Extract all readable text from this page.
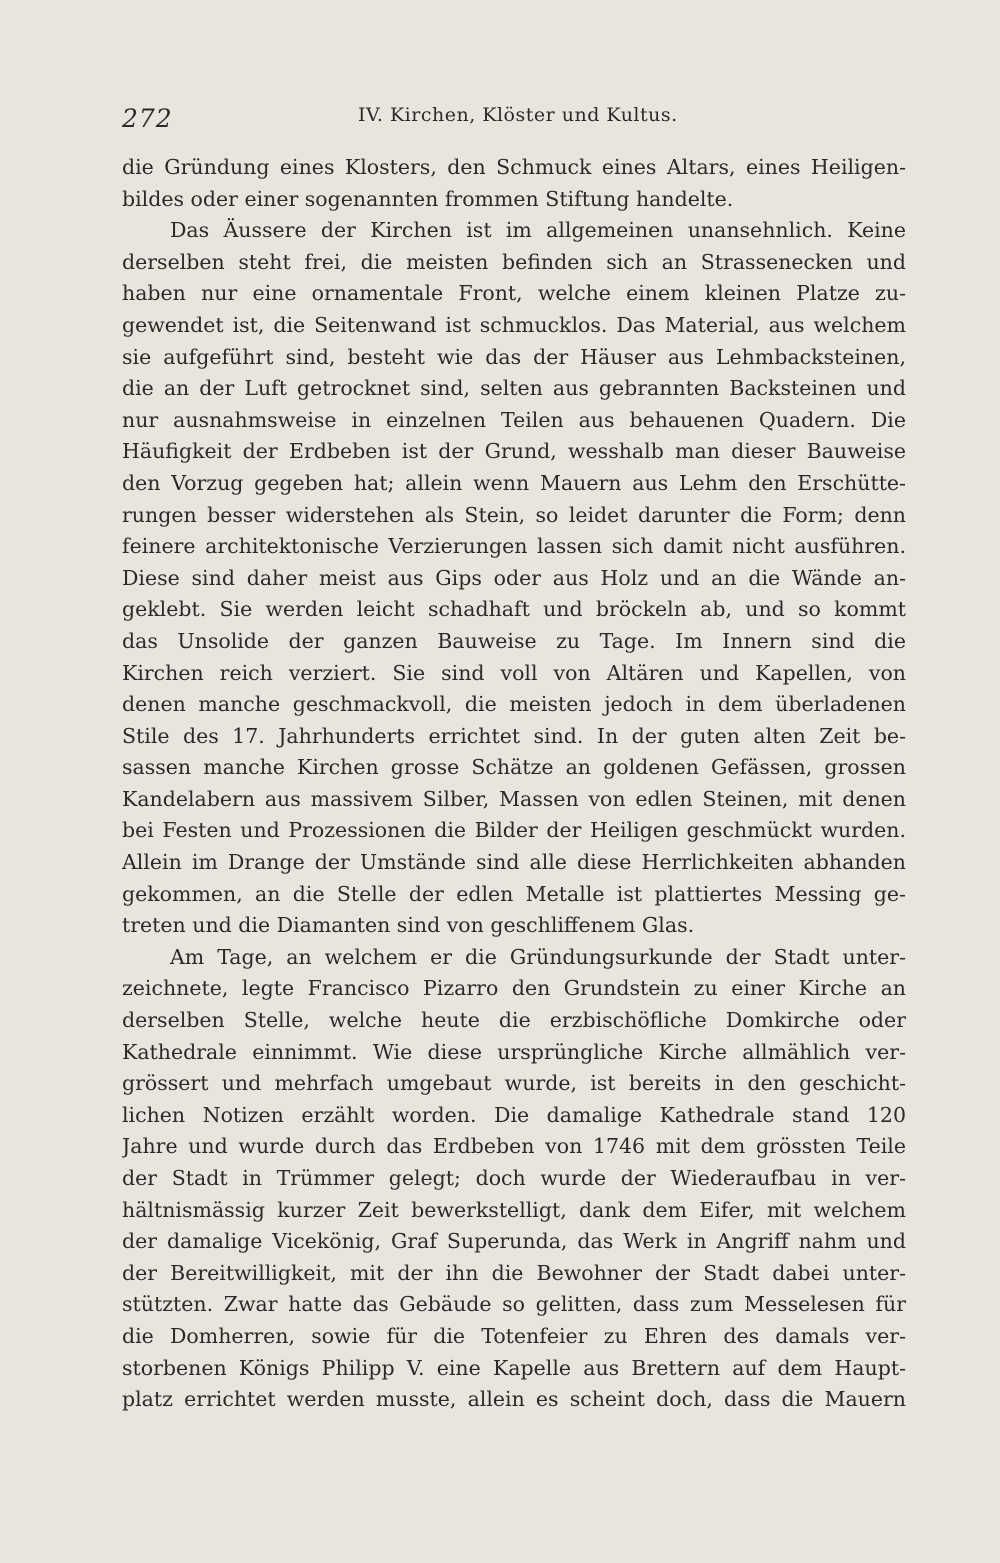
272	IV. Kirchen, Klöster und Kultus.
die Gründung eines Klosters, den Schmuck eines Altars, eines Heiligen-
bildes oder einer sogenannten frommen Stiftung handelte.
Das Äussere der Kirchen ist im allgemeinen unansehnlich. Keine
derselben steht frei, die meisten befinden sich an Strassenecken und
haben nur eine ornamentale Front, welche einem kleinen Platze zu-
gewendet ist, die Seitenwand ist schmucklos. Das Material, aus welchem
sie aufgeführt sind, besteht wie das der Häuser aus Lehmbacksteinen,
die an der Luft getrocknet sind, selten aus gebrannten Backsteinen und
nur ausnahmsweise in einzelnen Teilen aus behauenen Quadern. Die
Häufigkeit der Erdbeben ist der Grund, wesshalb man dieser Bauweise
den Vorzug gegeben hat; allein wenn Mauern aus Lehm den Erschütte-
rungen besser widerstehen als Stein, so leidet darunter die Form; denn
feinere architektonische Verzierungen lassen sich damit nicht ausführen.
Diese sind daher meist aus Gips oder aus Holz und an die Wände an-
geklebt. Sie werden leicht schadhaft und bröckeln ab, und so kommt
das Unsolide der ganzen Bauweise zu Tage. Im Innern sind die
Kirchen reich verziert. Sie sind voll von Altären und Kapellen, von
denen manche geschmackvoll, die meisten jedoch in dem überladenen
Stile des 17. Jahrhunderts errichtet sind. In der guten alten Zeit be-
sassen manche Kirchen grosse Schätze an goldenen Gefässen, grossen
Kandelabern aus massivem Silber, Massen von edlen Steinen, mit denen
bei Festen und Prozessionen die Bilder der Heiligen geschmückt wurden.
Allein im Drange der Umstände sind alle diese Herrlichkeiten abhanden
gekommen, an die Stelle der edlen Metalle ist plattiertes Messing ge-
treten und die Diamanten sind von geschliffenem Glas.
Am Tage, an welchem er die Gründungsurkunde der Stadt unter-
zeichnete, legte Francisco Pizarro den Grundstein zu einer Kirche an
derselben Stelle, welche heute die erzbischöfliche Domkirche oder
Kathedrale einnimmt. Wie diese ursprüngliche Kirche allmählich ver-
grössert und mehrfach umgebaut wurde, ist bereits in den geschicht-
lichen Notizen erzählt worden. Die damalige Kathedrale stand 120
Jahre und wurde durch das Erdbeben von 1746 mit dem grössten Teile
der Stadt in Trümmer gelegt; doch wurde der Wiederaufbau in ver-
hältnismässig kurzer Zeit bewerkstelligt, dank dem Eifer, mit welchem
der damalige Vicekönig, Graf Superunda, das Werk in Angriff nahm und
der Bereitwilligkeit, mit der ihn die Bewohner der Stadt dabei unter-
stützten. Zwar hatte das Gebäude so gelitten, dass zum Messelesen für
die Domherren, sowie für die Totenfeier zu Ehren des damals ver-
storbenen Königs Philipp V. eine Kapelle aus Brettern auf dem Haupt-
platz errichtet werden musste, allein es scheint doch, dass die Mauern
